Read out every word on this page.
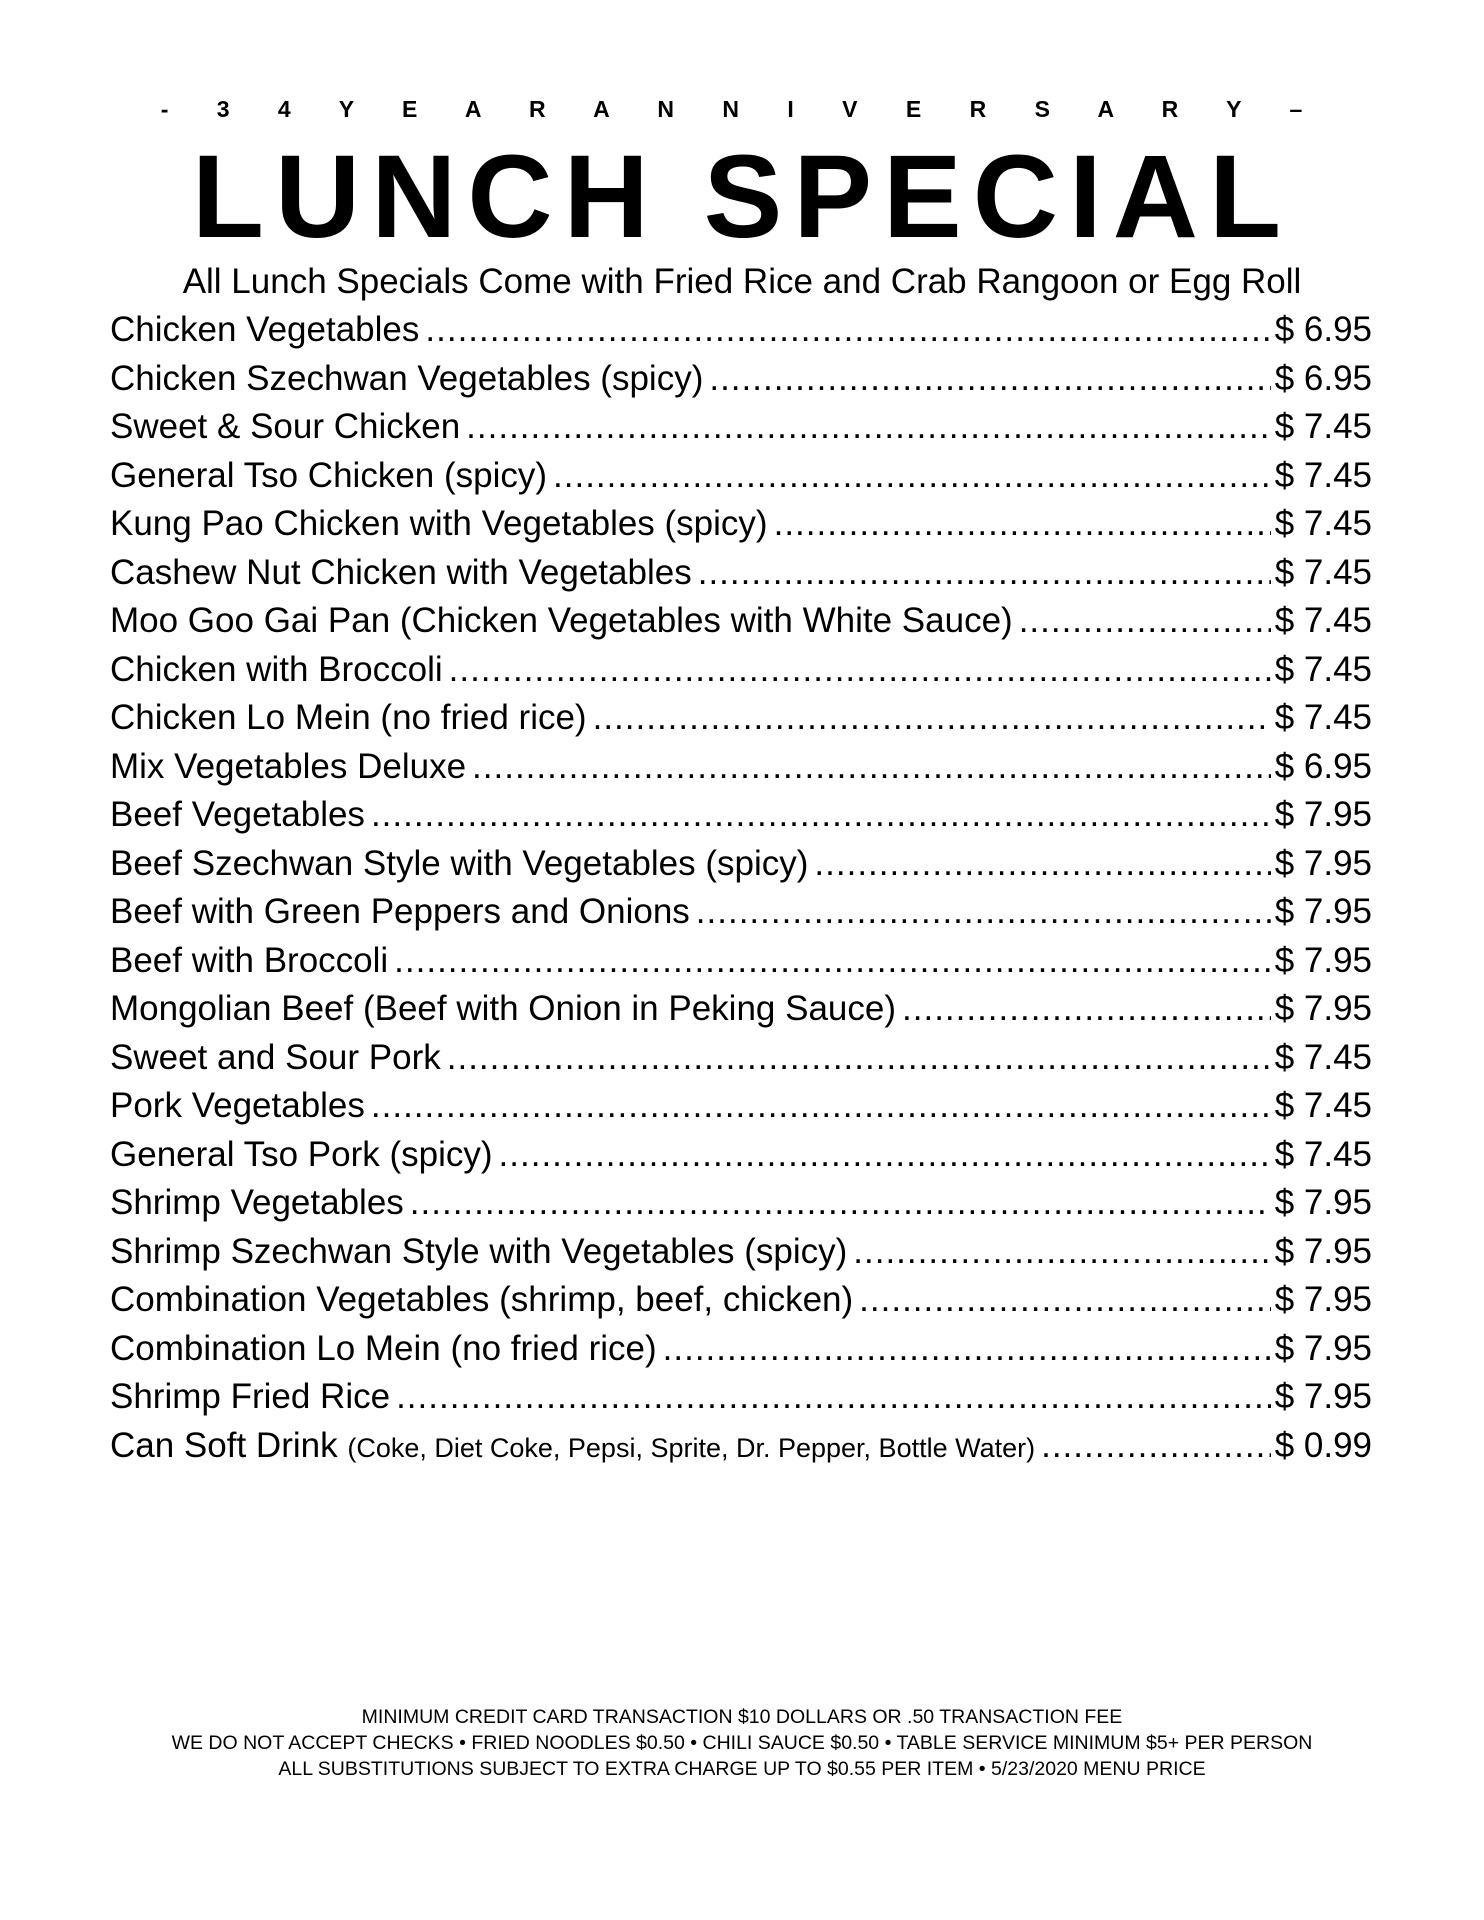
- 3 4 Y E A R A N N I V E R S A R Y –
LUNCH SPECIAL
All Lunch Specials Come with Fried Rice and Crab Rangoon or Egg Roll
Chicken Vegetables .....	$ 6.95
Chicken Szechwan Vegetables (spicy) .....	$ 6.95
Sweet & Sour Chicken .....	$ 7.45
General Tso Chicken (spicy) .....	$ 7.45
Kung Pao Chicken with Vegetables (spicy) .....	$ 7.45
Cashew Nut Chicken with Vegetables .....	$ 7.45
Moo Goo Gai Pan (Chicken Vegetables with White Sauce) .....	$ 7.45
Chicken with Broccoli .....	$ 7.45
Chicken Lo Mein (no fried rice) .....	$ 7.45
Mix Vegetables Deluxe .....	$ 6.95
Beef Vegetables .....	$ 7.95
Beef Szechwan Style with Vegetables (spicy) .....	$ 7.95
Beef with Green Peppers and Onions .....	$ 7.95
Beef with Broccoli .....	$ 7.95
Mongolian Beef (Beef with Onion in Peking Sauce) .....	$ 7.95
Sweet and Sour Pork .....	$ 7.45
Pork Vegetables .....	$ 7.45
General Tso Pork (spicy) .....	$ 7.45
Shrimp Vegetables .....	$ 7.95
Shrimp Szechwan Style with Vegetables (spicy) .....	$ 7.95
Combination Vegetables (shrimp, beef, chicken) .....	$ 7.95
Combination Lo Mein (no fried rice) .....	$ 7.95
Shrimp Fried Rice .....	$ 7.95
Can Soft Drink (Coke, Diet Coke, Pepsi, Sprite, Dr. Pepper, Bottle Water) .....	$ 0.99
MINIMUM CREDIT CARD TRANSACTION $10 DOLLARS OR .50 TRANSACTION FEE
WE DO NOT ACCEPT CHECKS • FRIED NOODLES $0.50 • CHILI SAUCE $0.50 • TABLE SERVICE MINIMUM $5+ PER PERSON
ALL SUBSTITUTIONS SUBJECT TO EXTRA CHARGE UP TO $0.55 PER ITEM • 5/23/2020 MENU PRICE
